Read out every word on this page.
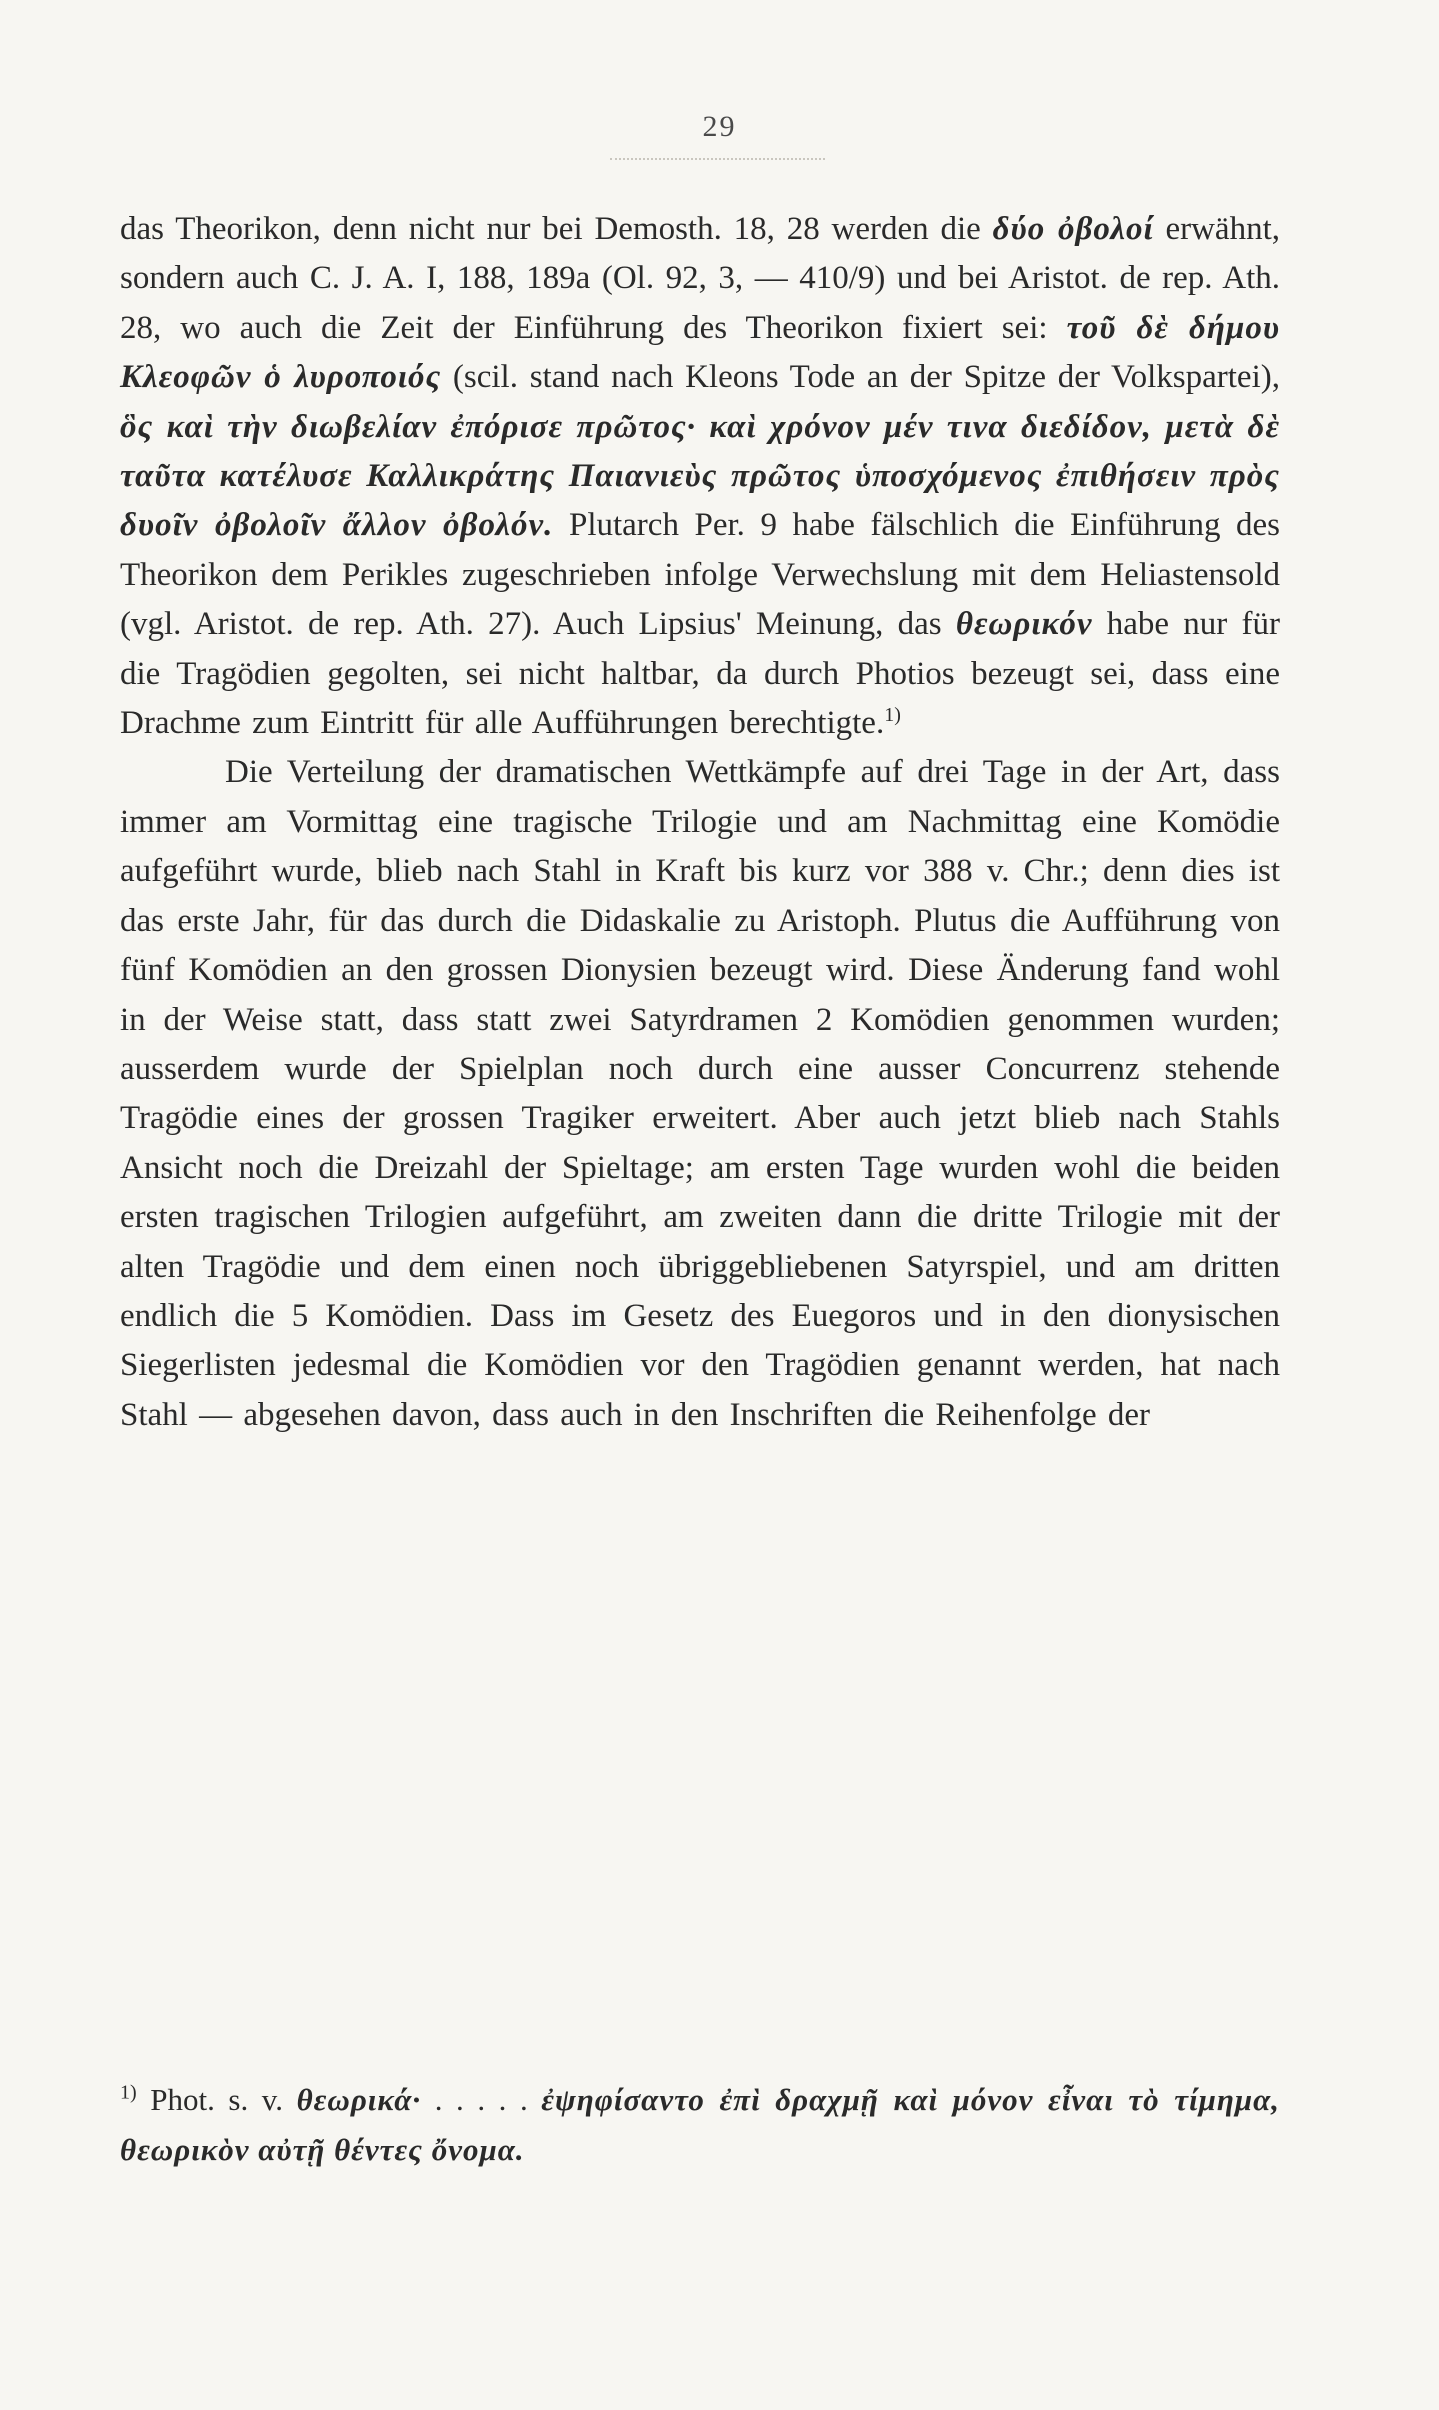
29

das Theorikon, denn nicht nur bei Demosth. 18, 28 werden die δύο ὀβολοί erwähnt, sondern auch C. J. A. I, 188, 189a (Ol. 92, 3, — 410/9) und bei Aristot. de rep. Ath. 28, wo auch die Zeit der Einführung des Theorikon fixiert sei: τοῦ δὲ δήμου Κλεοφῶν ὁ λυροποιός (scil. stand nach Kleons Tode an der Spitze der Volkspartei), ὃς καὶ τὴν διωβελίαν ἐπόρισε πρῶτος· καὶ χρόνον μέν τινα διεδίδον, μετὰ δὲ ταῦτα κατέλυσε Καλλικράτης Παιανιεὺς πρῶτος ὑποσχόμενος ἐπιθήσειν πρὸς δυοῖν ὀβολοῖν ἄλλον ὀβολόν. Plutarch Per. 9 habe fälschlich die Einführung des Theorikon dem Perikles zugeschrieben infolge Verwechslung mit dem Heliastensold (vgl. Aristot. de rep. Ath. 27). Auch Lipsius' Meinung, das θεωρικόν habe nur für die Tragödien gegolten, sei nicht haltbar, da durch Photios bezeugt sei, dass eine Drachme zum Eintritt für alle Aufführungen berechtigte.$^{1)}$

Die Verteilung der dramatischen Wettkämpfe auf drei Tage in der Art, dass immer am Vormittag eine tragische Trilogie und am Nachmittag eine Komödie aufgeführt wurde, blieb nach Stahl in Kraft bis kurz vor 388 v. Chr.; denn dies ist das erste Jahr, für das durch die Didaskalie zu Aristoph. Plutus die Aufführung von fünf Komödien an den grossen Dionysien bezeugt wird. Diese Änderung fand wohl in der Weise statt, dass statt zwei Satyrdramen 2 Komödien genommen wurden; ausserdem wurde der Spielplan noch durch eine ausser Concurrenz stehende Tragödie eines der grossen Tragiker erweitert. Aber auch jetzt blieb nach Stahls Ansicht noch die Dreizahl der Spieltage; am ersten Tage wurden wohl die beiden ersten tragischen Trilogien aufgeführt, am zweiten dann die dritte Trilogie mit der alten Tragödie und dem einen noch übriggebliebenen Satyrspiel, und am dritten endlich die 5 Komödien. Dass im Gesetz des Euegoros und in den dionysischen Siegerlisten jedesmal die Komödien vor den Tragödien genannt werden, hat nach Stahl — abgesehen davon, dass auch in den Inschriften die Reihenfolge der

$^{1)}$ Phot. s. v. θεωρικά· . . . . . ἐψηφίσαντο ἐπὶ δραχμῇ καὶ μόνον εἶναι τὸ τίμημα, θεωρικὸν αὐτῇ θέντες ὄνομα.
